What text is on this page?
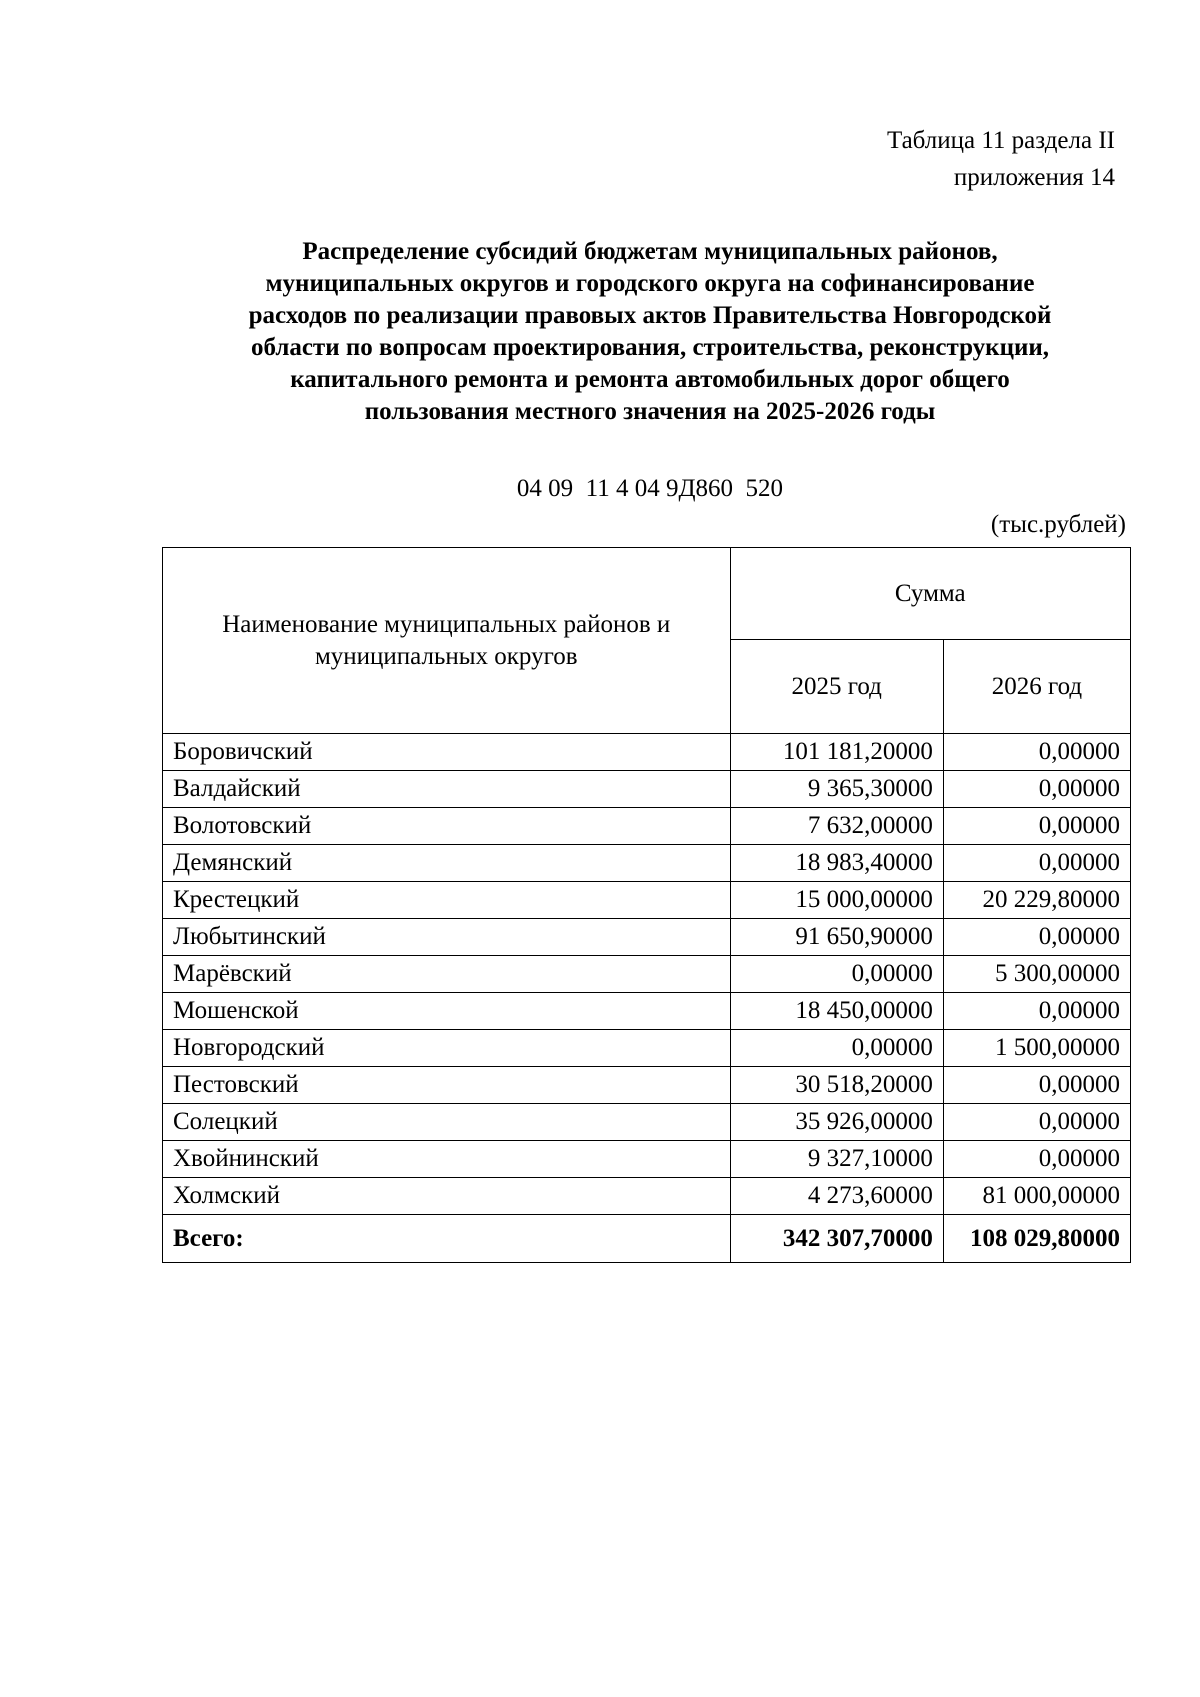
Таблица 11 раздела II
приложения 14
Распределение субсидий бюджетам муниципальных районов,
муниципальных округов и городского округа на софинансирование
расходов по реализации правовых актов Правительства Новгородской
области по вопросам проектирования, строительства, реконструкции,
капитального ремонта и ремонта автомобильных дорог общего
пользования местного значения на 2025-2026 годы
04 09  11 4 04 9Д860  520
(тыс.рублей)
Наименование муниципальных районов и муниципальных округов	Сумма	
	2025 год	2026 год
Боровичский	101 181,20000	0,00000
Валдайский	9 365,30000	0,00000
Волотовский	7 632,00000	0,00000
Демянский	18 983,40000	0,00000
Крестецкий	15 000,00000	20 229,80000
Любытинский	91 650,90000	0,00000
Марёвский	0,00000	5 300,00000
Мошенской	18 450,00000	0,00000
Новгородский	0,00000	1 500,00000
Пестовский	30 518,20000	0,00000
Солецкий	35 926,00000	0,00000
Хвойнинский	9 327,10000	0,00000
Холмский	4 273,60000	81 000,00000
Всего:	342 307,70000	108 029,80000
